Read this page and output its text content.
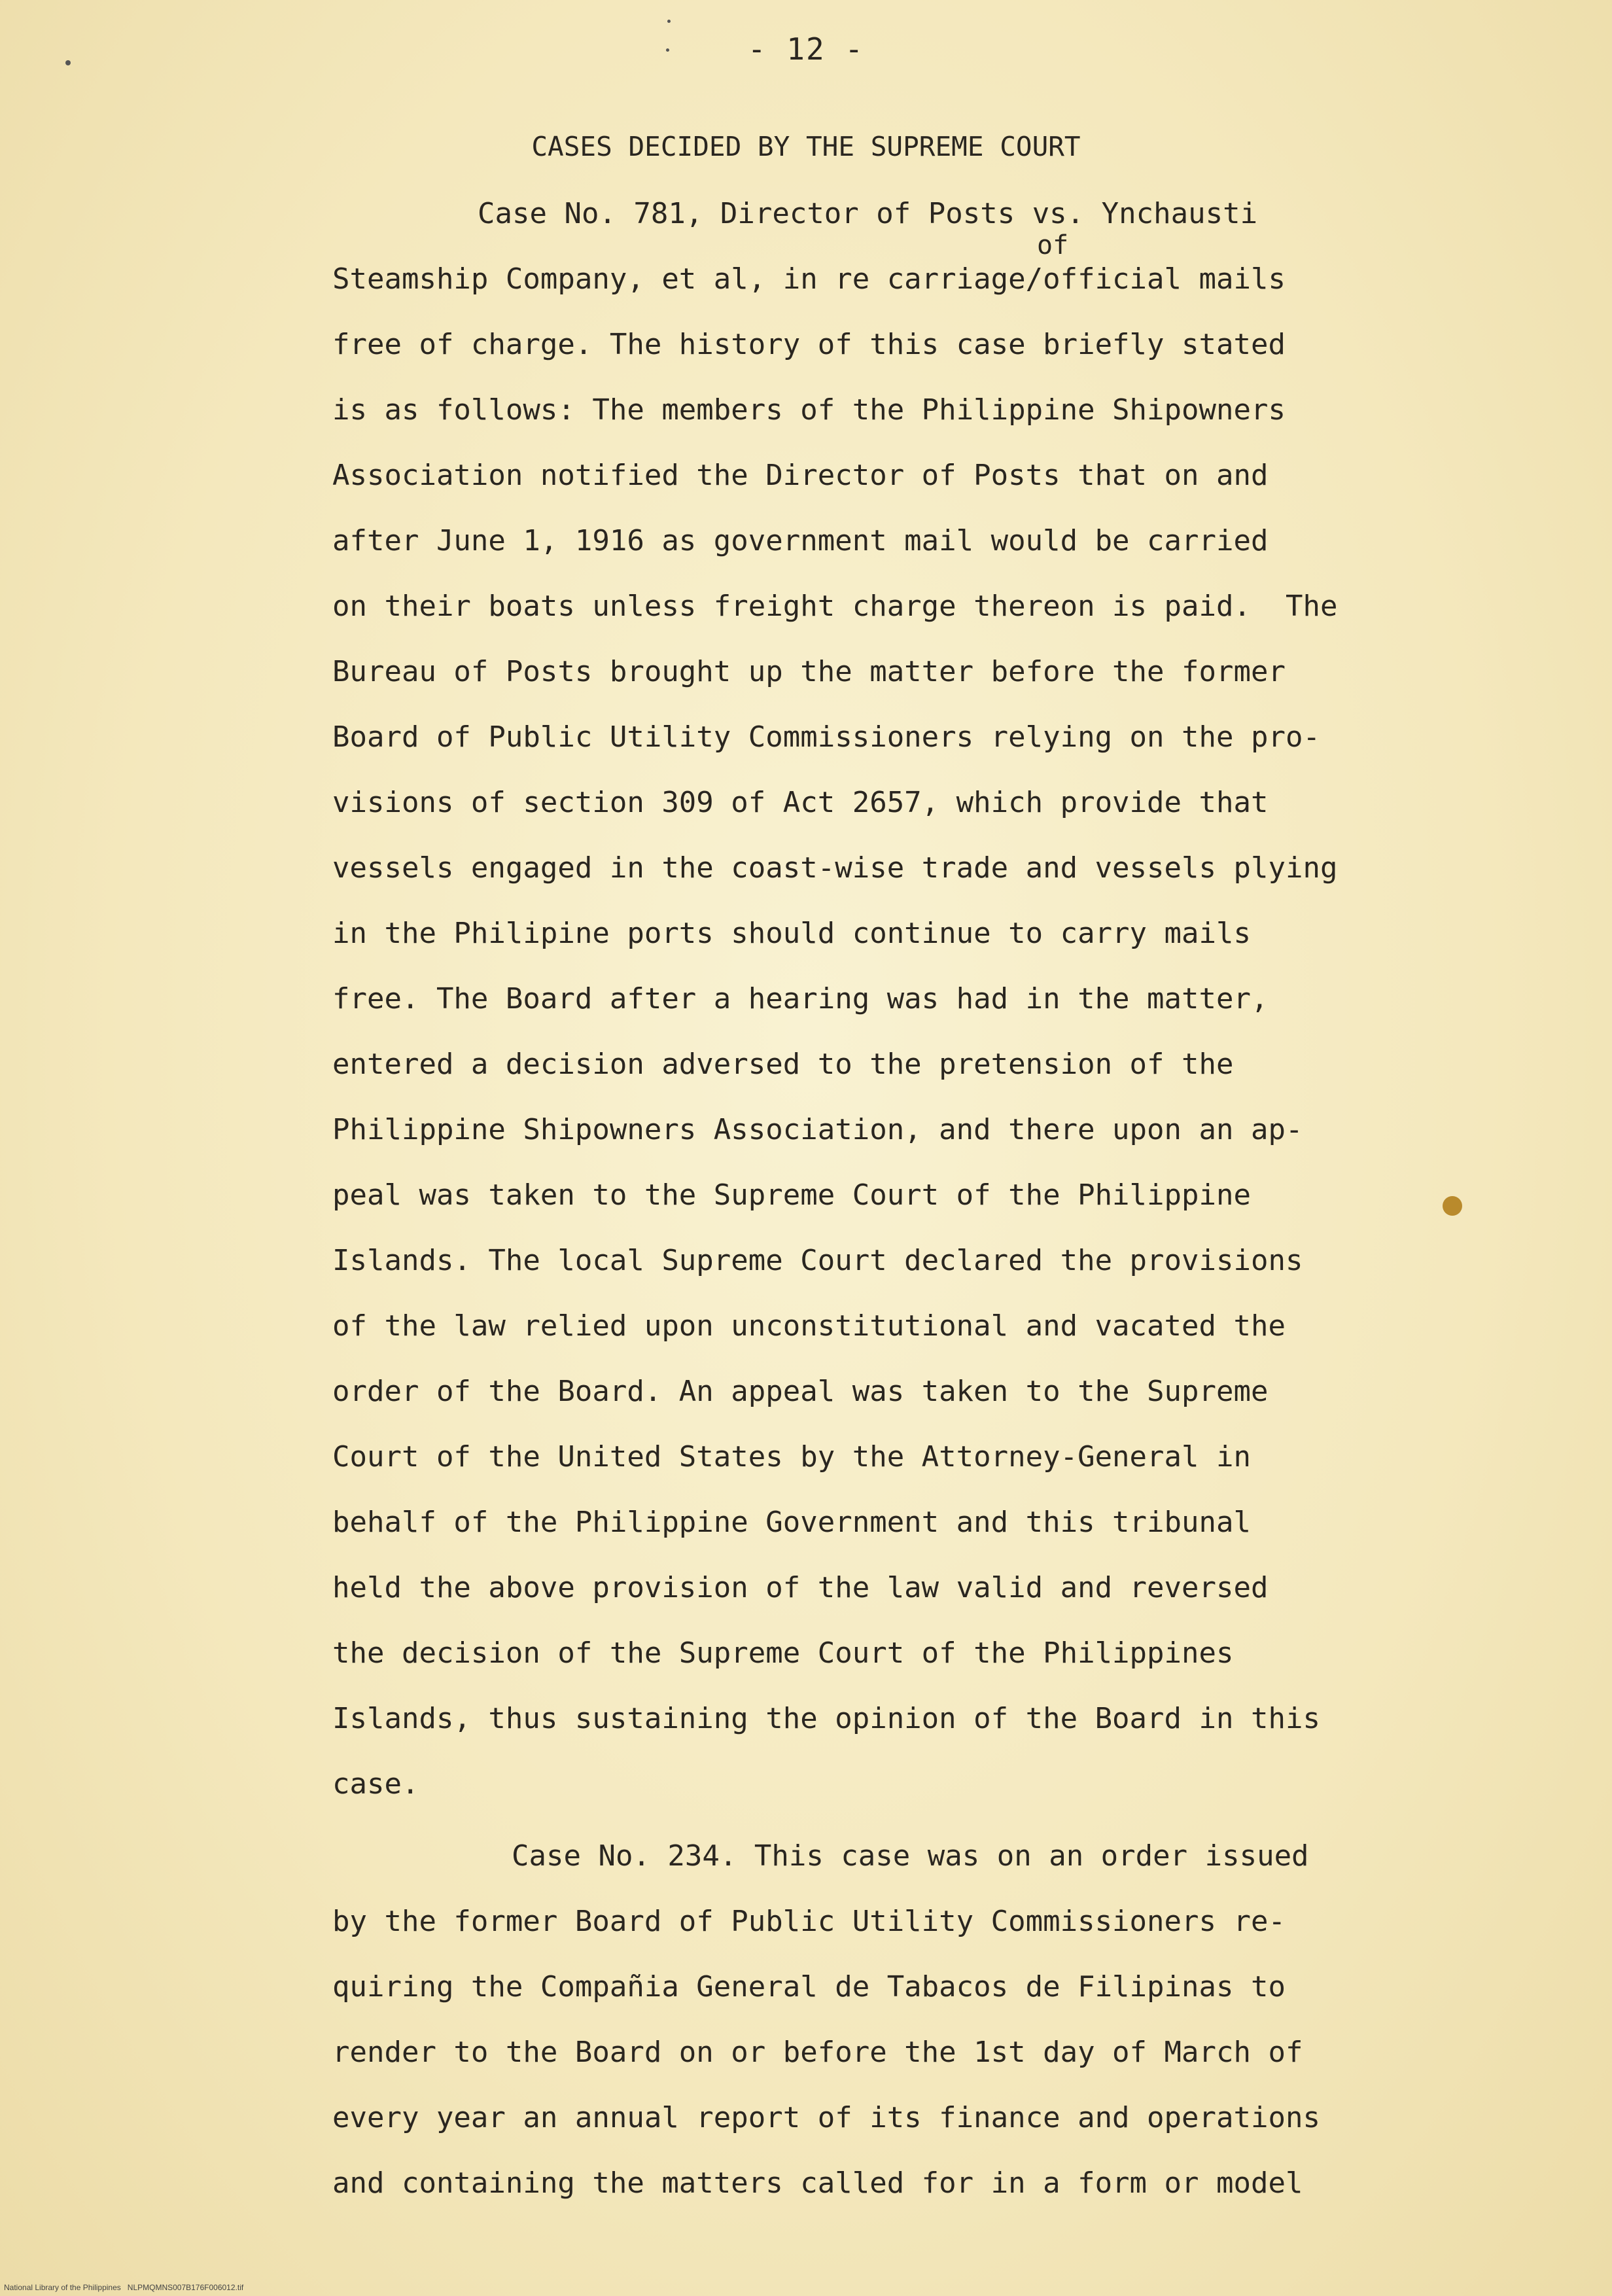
- 12 -
CASES DECIDED BY THE SUPREME COURT
of
Case No. 781, Director of Posts vs. Ynchausti
Steamship Company, et al, in re carriage/official mails
free of charge. The history of this case briefly stated
is as follows: The members of the Philippine Shipowners
Association notified the Director of Posts that on and
after June 1, 1916 as government mail would be carried
on their boats unless freight charge thereon is paid.  The
Bureau of Posts brought up the matter before the former
Board of Public Utility Commissioners relying on the pro-
visions of section 309 of Act 2657, which provide that
vessels engaged in the coast-wise trade and vessels plying
in the Philipine ports should continue to carry mails
free. The Board after a hearing was had in the matter,
entered a decision adversed to the pretension of the
Philippine Shipowners Association, and there upon an ap-
peal was taken to the Supreme Court of the Philippine
Islands. The local Supreme Court declared the provisions
of the law relied upon unconstitutional and vacated the
order of the Board. An appeal was taken to the Supreme
Court of the United States by the Attorney-General in
behalf of the Philippine Government and this tribunal
held the above provision of the law valid and reversed
the decision of the Supreme Court of the Philippines
Islands, thus sustaining the opinion of the Board in this
case.
Case No. 234. This case was on an order issued
by the former Board of Public Utility Commissioners re-
quiring the Compañia General de Tabacos de Filipinas to
render to the Board on or before the 1st day of March of
every year an annual report of its finance and operations
and containing the matters called for in a form or model
National Library of the Philippines   NLPMQMNS007B176F006012.tif
